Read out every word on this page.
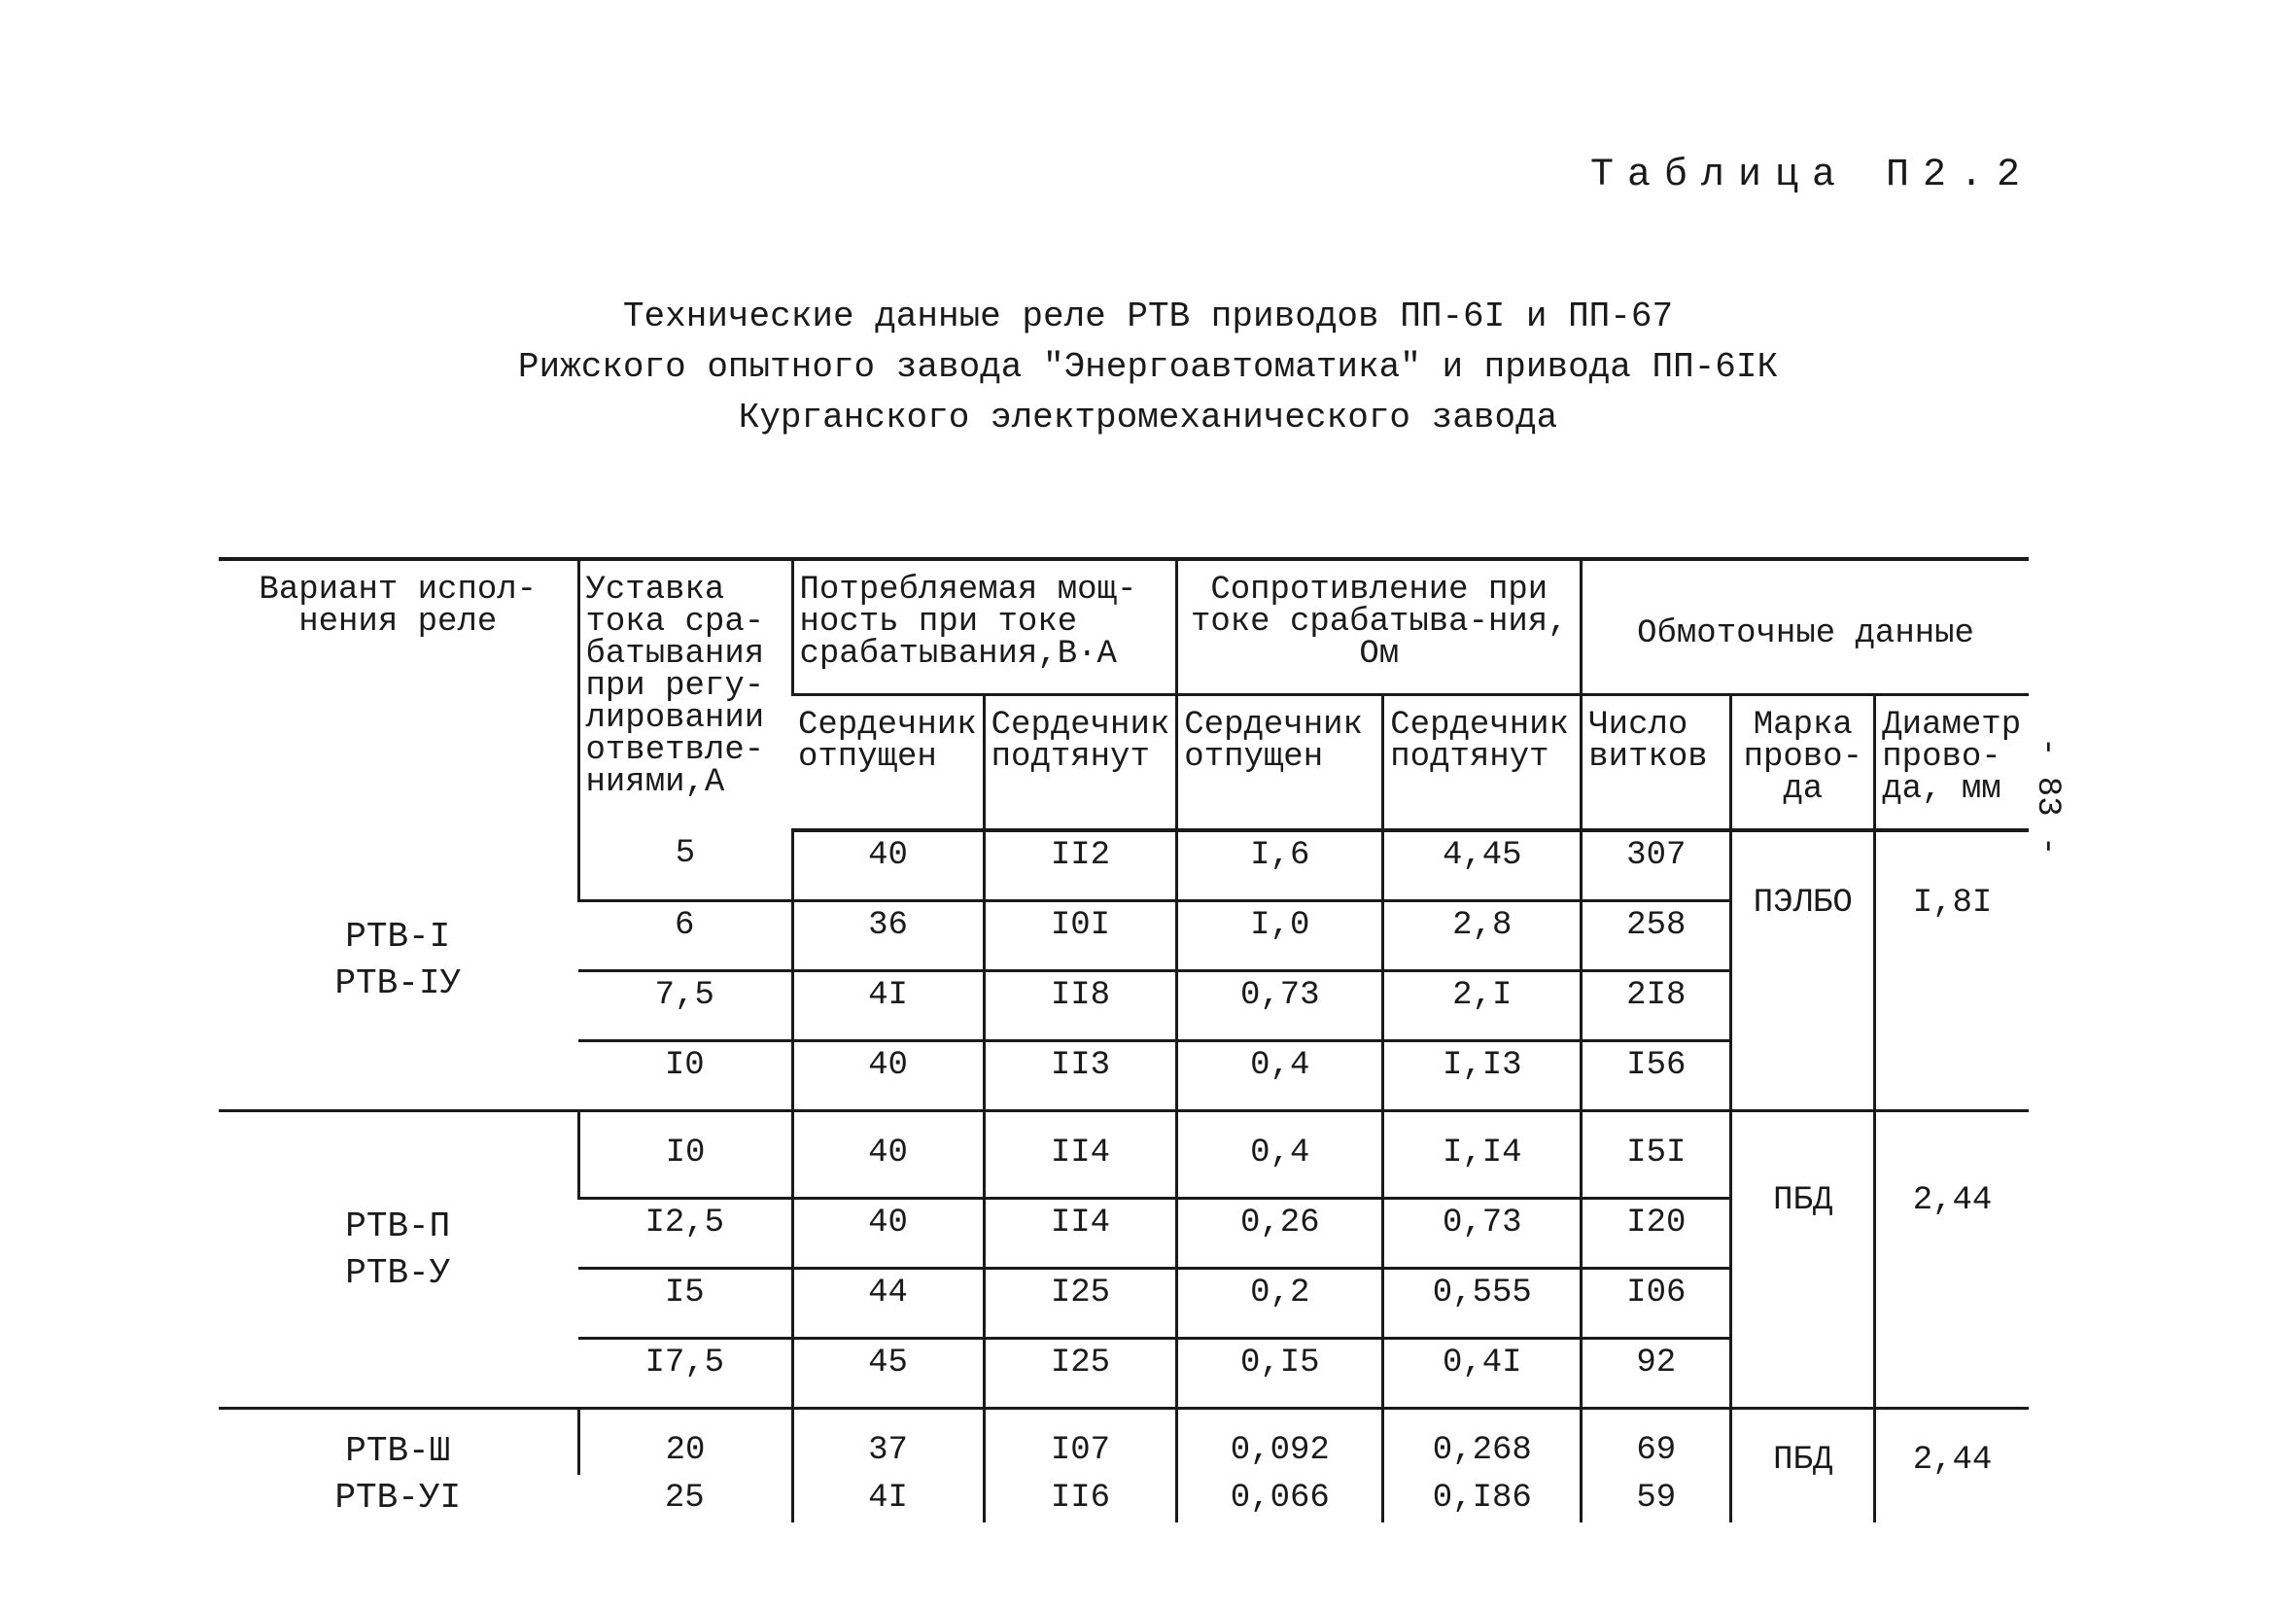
Таблица П2.2
Технические данные реле РТВ приводов ПП-6I и ПП-67
Рижского опытного завода "Энергоавтоматика" и привода ПП-6IК
Курганского электромеханического завода
- 83 -
Вариант испол-нения реле	Уставка тока сра-батывания при регу-лировании ответвле-ниями,А	Потребляемая мощ-ность при токе срабатывания,В·А		Сопротивление при токе срабатыва-ния, Ом		Обмоточные данные		
		Сердечник отпущен	Сердечник подтянут	Сердечник отпущен	Сердечник подтянут	Число витков	Марка прово-да	Диаметр прово-да, мм

РТВ-I
РТВ-IУ	5	40	II2	I,6	4,45	307	ПЭЛБО	I,8I
	6	36	I0I	I,0	2,8	258		
	7,5	4I	II8	0,73	2,I	2I8		
	I0	40	II3	0,4	I,I3	I56		

РТВ-П
РТВ-У	I0	40	II4	0,4	I,I4	I5I	ПБД	2,44
	I2,5	40	II4	0,26	0,73	I20		
	I5	44	I25	0,2	0,555	I06		
	I7,5	45	I25	0,I5	0,4I	92		

РТВ-Ш
РТВ-УI	20	37	I07	0,092	0,268	69	ПБД	2,44
	25	4I	II6	0,066	0,I86	59		
